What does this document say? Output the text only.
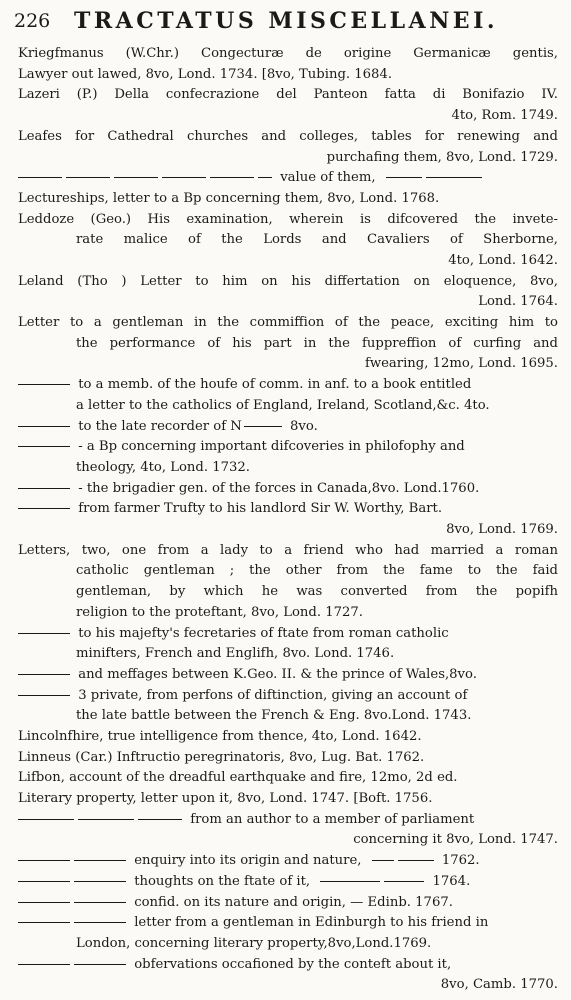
226 TRACTATUS MISCELLANEI.
Kriegfmanus (W.Chr.) Congecturæ de origine Germanicæ gentis,
Lawyer out lawed, 8vo, Lond. 1734. [8vo, Tubing. 1684.
Lazeri (P.) Della confecrazione del Panteon fatta di Bonifazio IV.
4to, Rom. 1749.
Leafes for Cathedral churches and colleges, tables for renewing and
purchafing them, 8vo, Lond. 1729.
value of them,
Lectureships, letter to a Bp concerning them, 8vo, Lond. 1768.
Leddoze (Geo.) His examination, wherein is difcovered the invete-
rate malice of the Lords and Cavaliers of Sherborne,
4to, Lond. 1642.
Leland (Tho ) Letter to him on his differtation on eloquence, 8vo,
Lond. 1764.
Letter to a gentleman in the commiffion of the peace, exciting him to
the performance of his part in the fuppreffion of curfing and
fwearing, 12mo, Lond. 1695.
to a memb. of the houfe of comm. in anf. to a book entitled
a letter to the catholics of England, Ireland, Scotland,&c. 4to.
to the late recorder of N	8vo.
- a Bp concerning important difcoveries in philofophy and
theology, 4to, Lond. 1732.
- the brigadier gen. of the forces in Canada,8vo. Lond.1760.
from farmer Trufty to his landlord Sir W. Worthy, Bart.
8vo, Lond. 1769.
Letters, two, one from a lady to a friend who had married a roman
catholic gentleman ; the other from the fame to the faid
gentleman, by which he was converted from the popifh
religion to the proteftant, 8vo, Lond. 1727.
to his majefty's fecretaries of ftate from roman catholic
minifters, French and Englifh, 8vo. Lond. 1746.
and meffages between K.Geo. II. & the prince of Wales,8vo.
3 private, from perfons of diftinction, giving an account of
the late battle between the French & Eng. 8vo.Lond. 1743.
Lincolnfhire, true intelligence from thence, 4to, Lond. 1642.
Linneus (Car.) Inftructio peregrinatoris, 8vo, Lug. Bat. 1762.
Lifbon, account of the dreadful earthquake and fire, 12mo, 2d ed.
Literary property, letter upon it, 8vo, Lond. 1747. [Boft. 1756.
from an author to a member of parliament
concerning it 8vo, Lond. 1747.
enquiry into its origin and nature,	1762.
thoughts on the ftate of it,	1764.
confid. on its nature and origin, — Edinb. 1767.
letter from a gentleman in Edinburgh to his friend in
London, concerning literary property,8vo,Lond.1769.
obfervations occafioned by the conteft about it,
8vo, Camb. 1770.
